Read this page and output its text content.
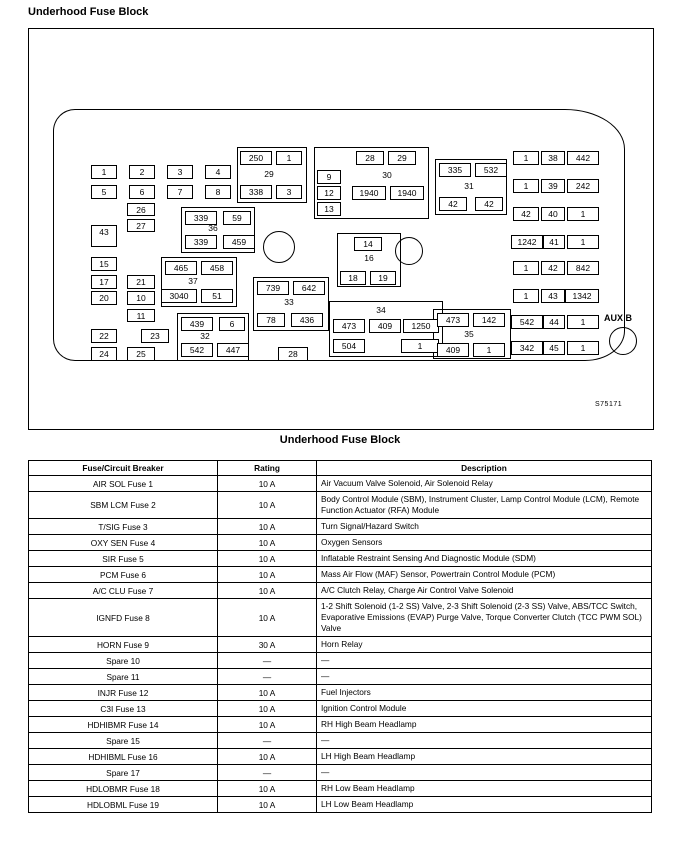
Underhood Fuse Block
1	2	3	4
5	6	7	8
250	1
338	3
26
27
339	59
339	459
43
15
17
20
21
10
11
465	458
3040	51
22
24
23
25
439	6
542	447
739	642
78	436
28
9
12
13
28	29
1940	1940
14
18	19
473	409	1250
504	1
335	532
42	42
473	142
409	1
1	38	442
1	39	242
42	40	1
1242	41	1
1	42	842
1	43	1342
542	44	1
342	45	1
29
36
37
32
33
30
16
34
31
35
AUX B
S75171
Underhood Fuse Block
Fuse/Circuit Breaker	Rating	Description
AIR SOL Fuse 1	10 A	Air Vacuum Valve Solenoid, Air Solenoid Relay
SBM LCM Fuse 2	10 A	Body Control Module (SBM), Instrument Cluster, Lamp Control Module (LCM), Remote Function Actuator (RFA) Module
T/SIG Fuse 3	10 A	Turn Signal/Hazard Switch
OXY SEN Fuse 4	10 A	Oxygen Sensors
SIR Fuse 5	10 A	Inflatable Restraint Sensing And Diagnostic Module (SDM)
PCM Fuse 6	10 A	Mass Air Flow (MAF) Sensor, Powertrain Control Module (PCM)
A/C CLU Fuse 7	10 A	A/C Clutch Relay, Charge Air Control Valve Solenoid
IGNFD Fuse 8	10 A	1-2 Shift Solenoid (1-2 SS) Valve, 2-3 Shift Solenoid (2-3 SS) Valve, ABS/TCC Switch, Evaporative Emissions (EVAP) Purge Valve, Torque Converter Clutch (TCC PWM SOL) Valve
HORN Fuse 9	30 A	Horn Relay
Spare 10	—	—
Spare 11	—	—
INJR Fuse 12	10 A	Fuel Injectors
C3I Fuse 13	10 A	Ignition Control Module
HDHIBMR Fuse 14	10 A	RH High Beam Headlamp
Spare 15	—	—
HDHIBML Fuse 16	10 A	LH High Beam Headlamp
Spare 17	—	—
HDLOBMR Fuse 18	10 A	RH Low Beam Headlamp
HDLOBML Fuse 19	10 A	LH Low Beam Headlamp
